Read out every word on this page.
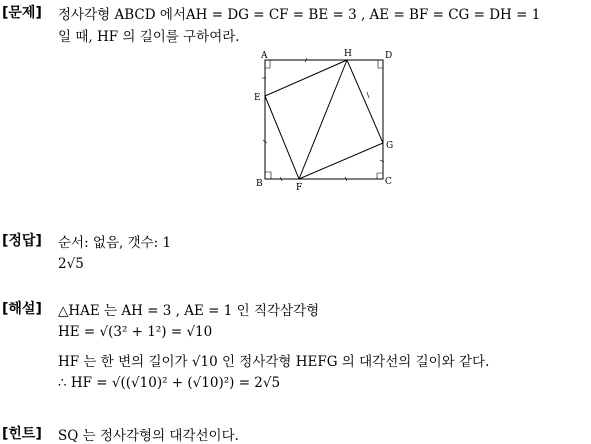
[문제] 정사각형 ABCD 에서AH = DG = CF = BE = 3 , AE = BF = CG = DH = 1
일 때, HF 의 길이를 구하여라.
A	H	D
E
G
B	F
C
[정답] 순서: 없음, 갯수: 1
2√5
[해설] △HAE 는 AH = 3 , AE = 1 인 직각삼각형
HE = √(3² + 1²) = √10
HF 는 한 변의 길이가 √10 인 정사각형 HEFG 의 대각선의 길이와 같다.
∴ HF = √((√10)² + (√10)²) = 2√5
[힌트] SQ 는 정사각형의 대각선이다.
